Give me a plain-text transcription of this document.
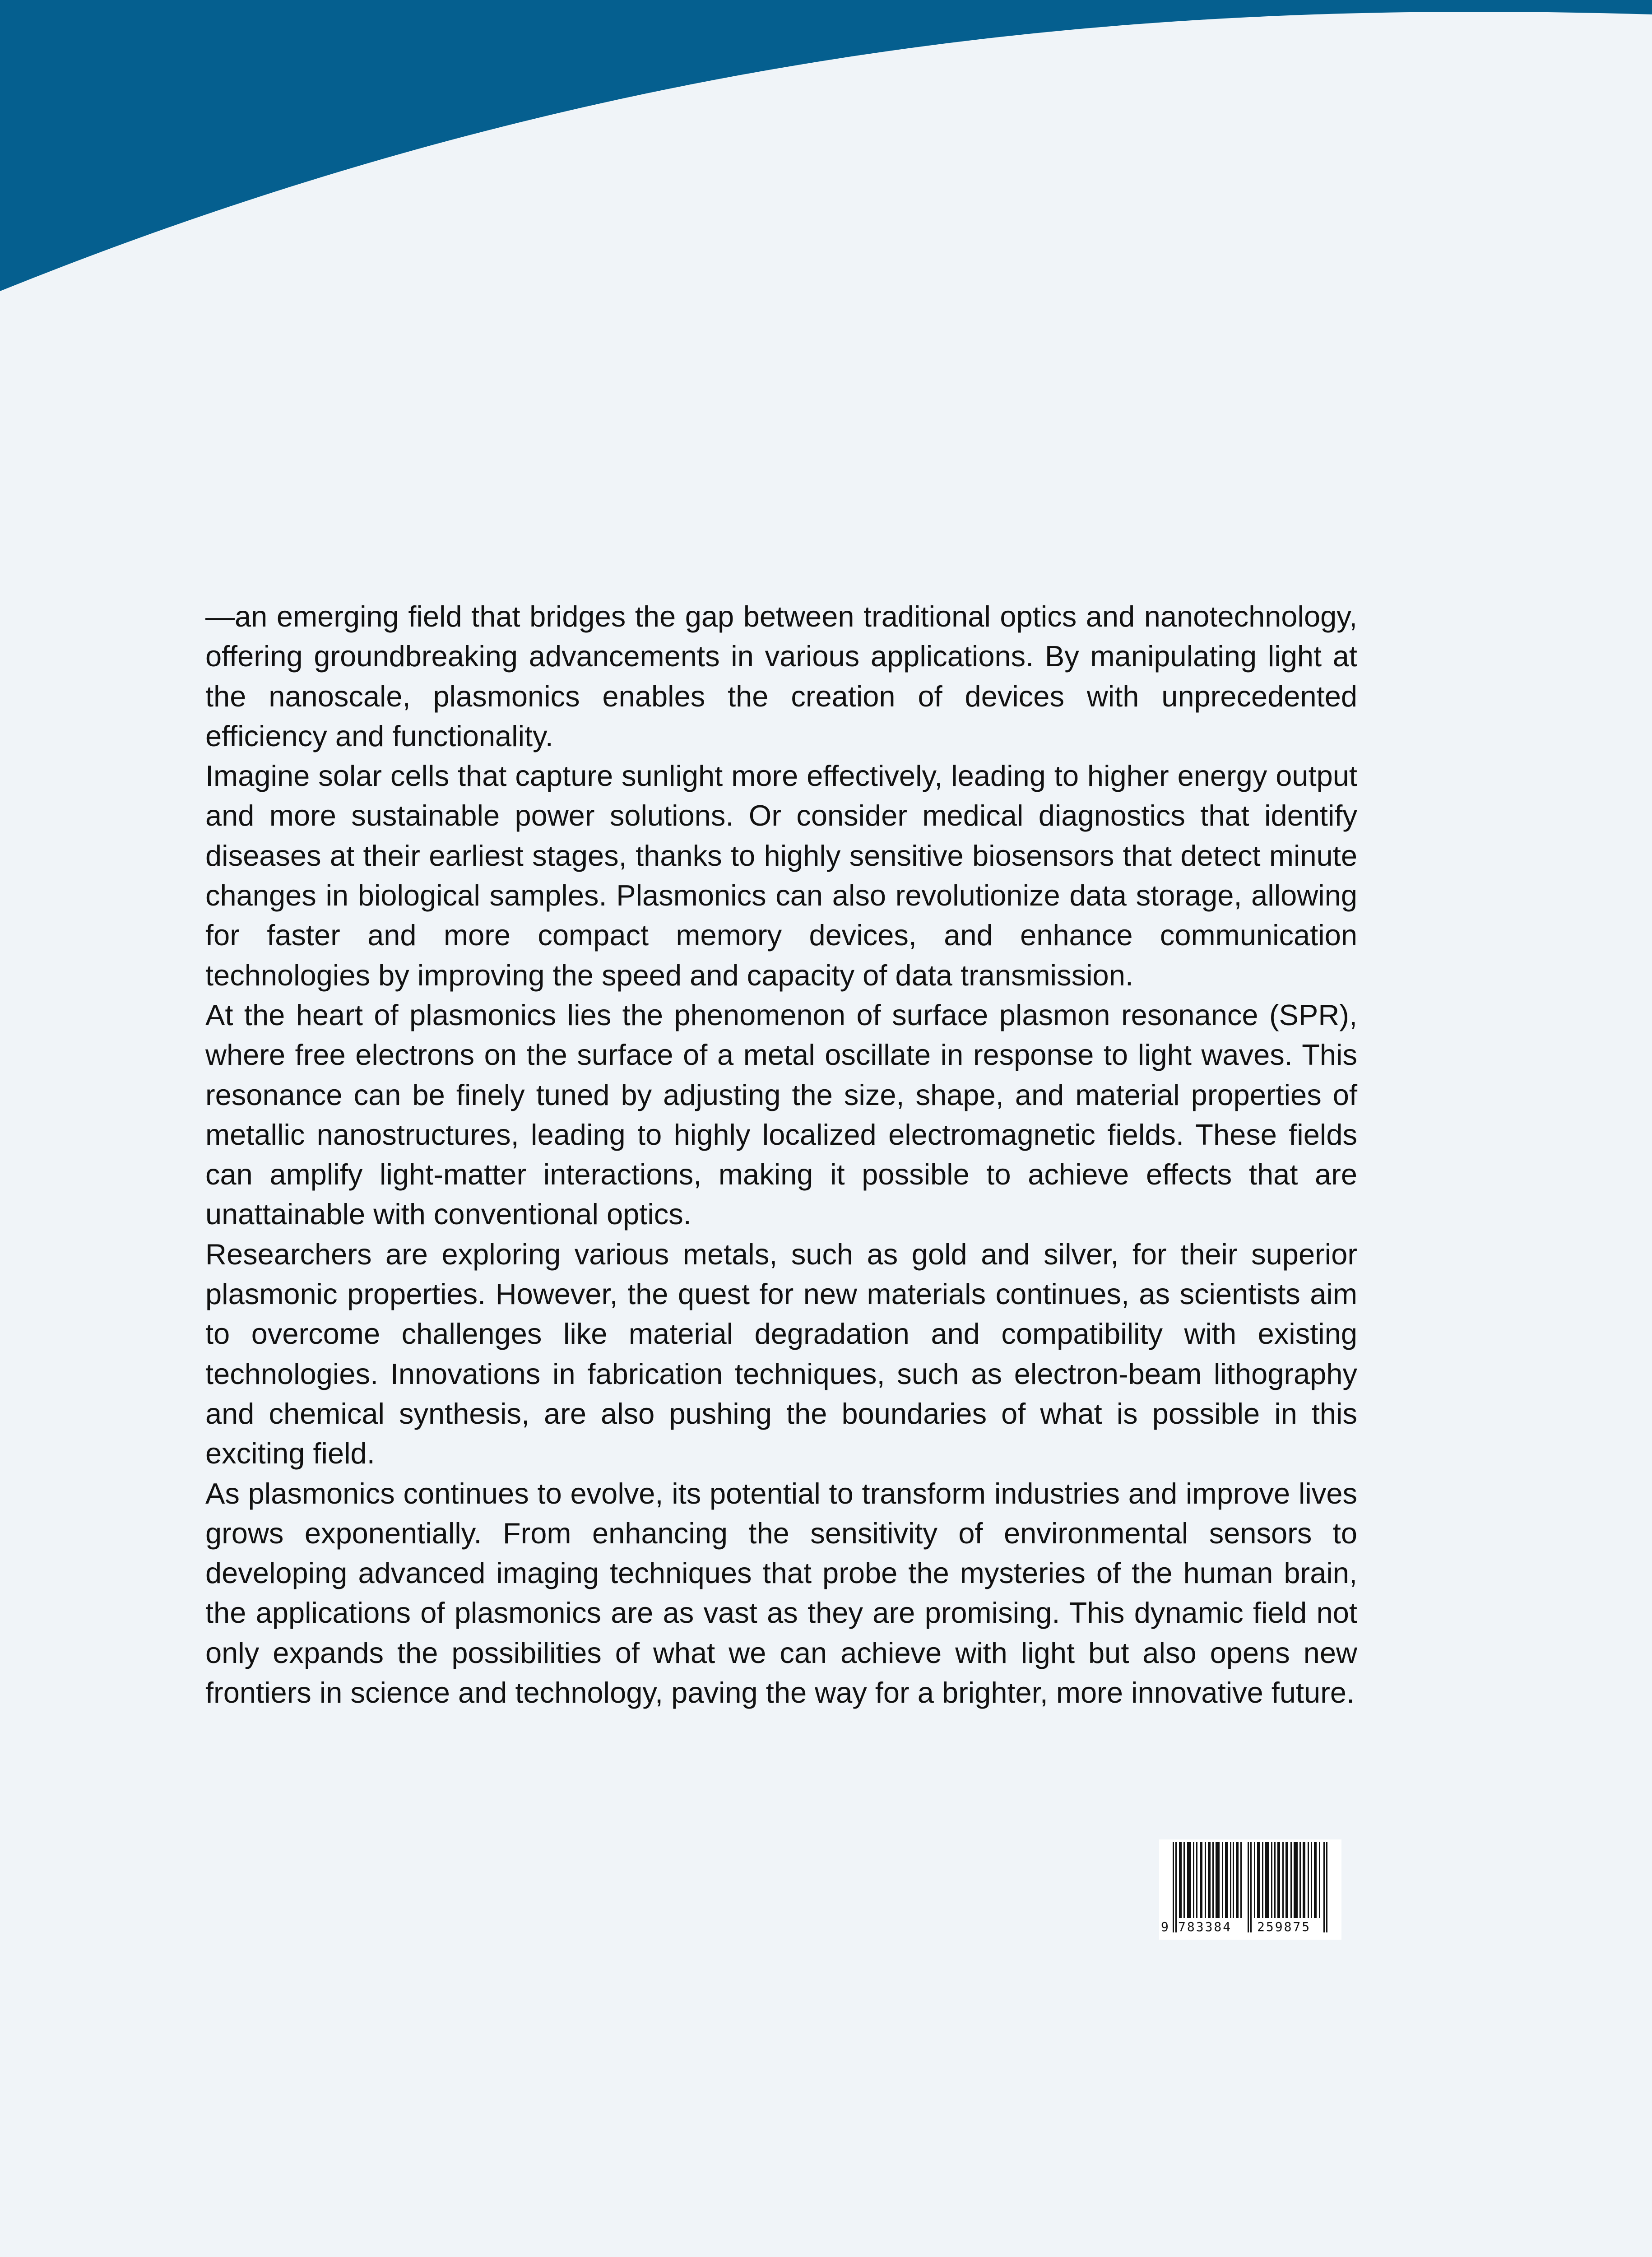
—an emerging field that bridges the gap between traditional optics and nanotechnology, offering groundbreaking advancements in various applications. By manipulating light at the nanoscale, plasmonics enables the creation of devices with unprecedented efficiency and functionality.

Imagine solar cells that capture sunlight more effectively, leading to higher energy output and more sustainable power solutions. Or consider medical diagnostics that identify diseases at their earliest stages, thanks to highly sensitive biosensors that detect minute changes in biological samples. Plasmonics can also revolutionize data storage, allowing for faster and more compact memory devices, and enhance communication technologies by improving the speed and capacity of data transmission.

At the heart of plasmonics lies the phenomenon of surface plasmon resonance (SPR), where free electrons on the surface of a metal oscillate in response to light waves. This resonance can be finely tuned by adjusting the size, shape, and material properties of metallic nanostructures, leading to highly localized electromagnetic fields. These fields can amplify light-matter interactions, making it possible to achieve effects that are unattainable with conventional optics.

Researchers are exploring various metals, such as gold and silver, for their superior plasmonic properties. However, the quest for new materials continues, as scientists aim to overcome challenges like material degradation and compatibility with existing technologies. Innovations in fabrication techniques, such as electron-beam lithography and chemical synthesis, are also pushing the boundaries of what is possible in this exciting field.

As plasmonics continues to evolve, its potential to transform industries and improve lives grows exponentially. From enhancing the sensitivity of environmental sensors to developing advanced imaging techniques that probe the mysteries of the human brain, the applications of plasmonics are as vast as they are promising. This dynamic field not only expands the possibilities of what we can achieve with light but also opens new frontiers in science and technology, paving the way for a brighter, more innovative future.

9 783384 259875
